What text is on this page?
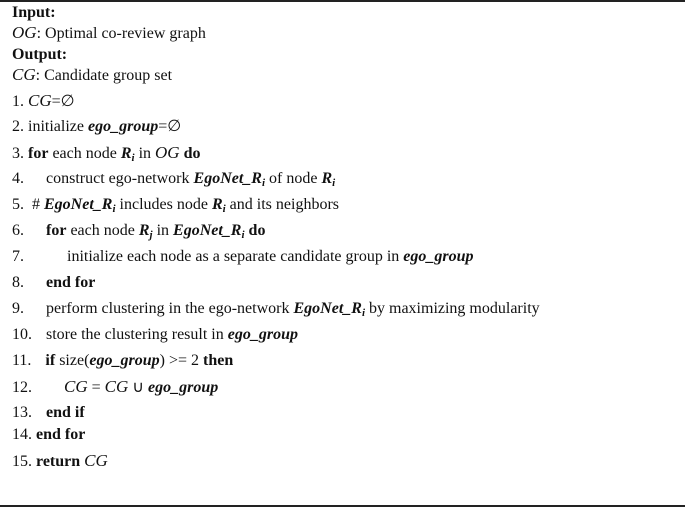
Input:
OG: Optimal co-review graph
Output:
CG: Candidate group set
1. CG=∅
2. initialize ego_group=∅
3. for each node $R_i$ in OG do
4. construct ego-network $EgoNet\_R_i$ of node $R_i$
5. # $EgoNet\_R_i$ includes node $R_i$ and its neighbors
6. for each node $R_j$ in $EgoNet\_R_i$ do
7.	initialize each node as a separate candidate group in ego_group
8. end for
9. perform clustering in the ego-network $EgoNet\_R_i$ by maximizing modularity
10. store the clustering result in ego_group
11. if size(ego_group) >= 2 then
12. CG = CG ∪ ego_group
13. end if
14. end for
15. return CG
